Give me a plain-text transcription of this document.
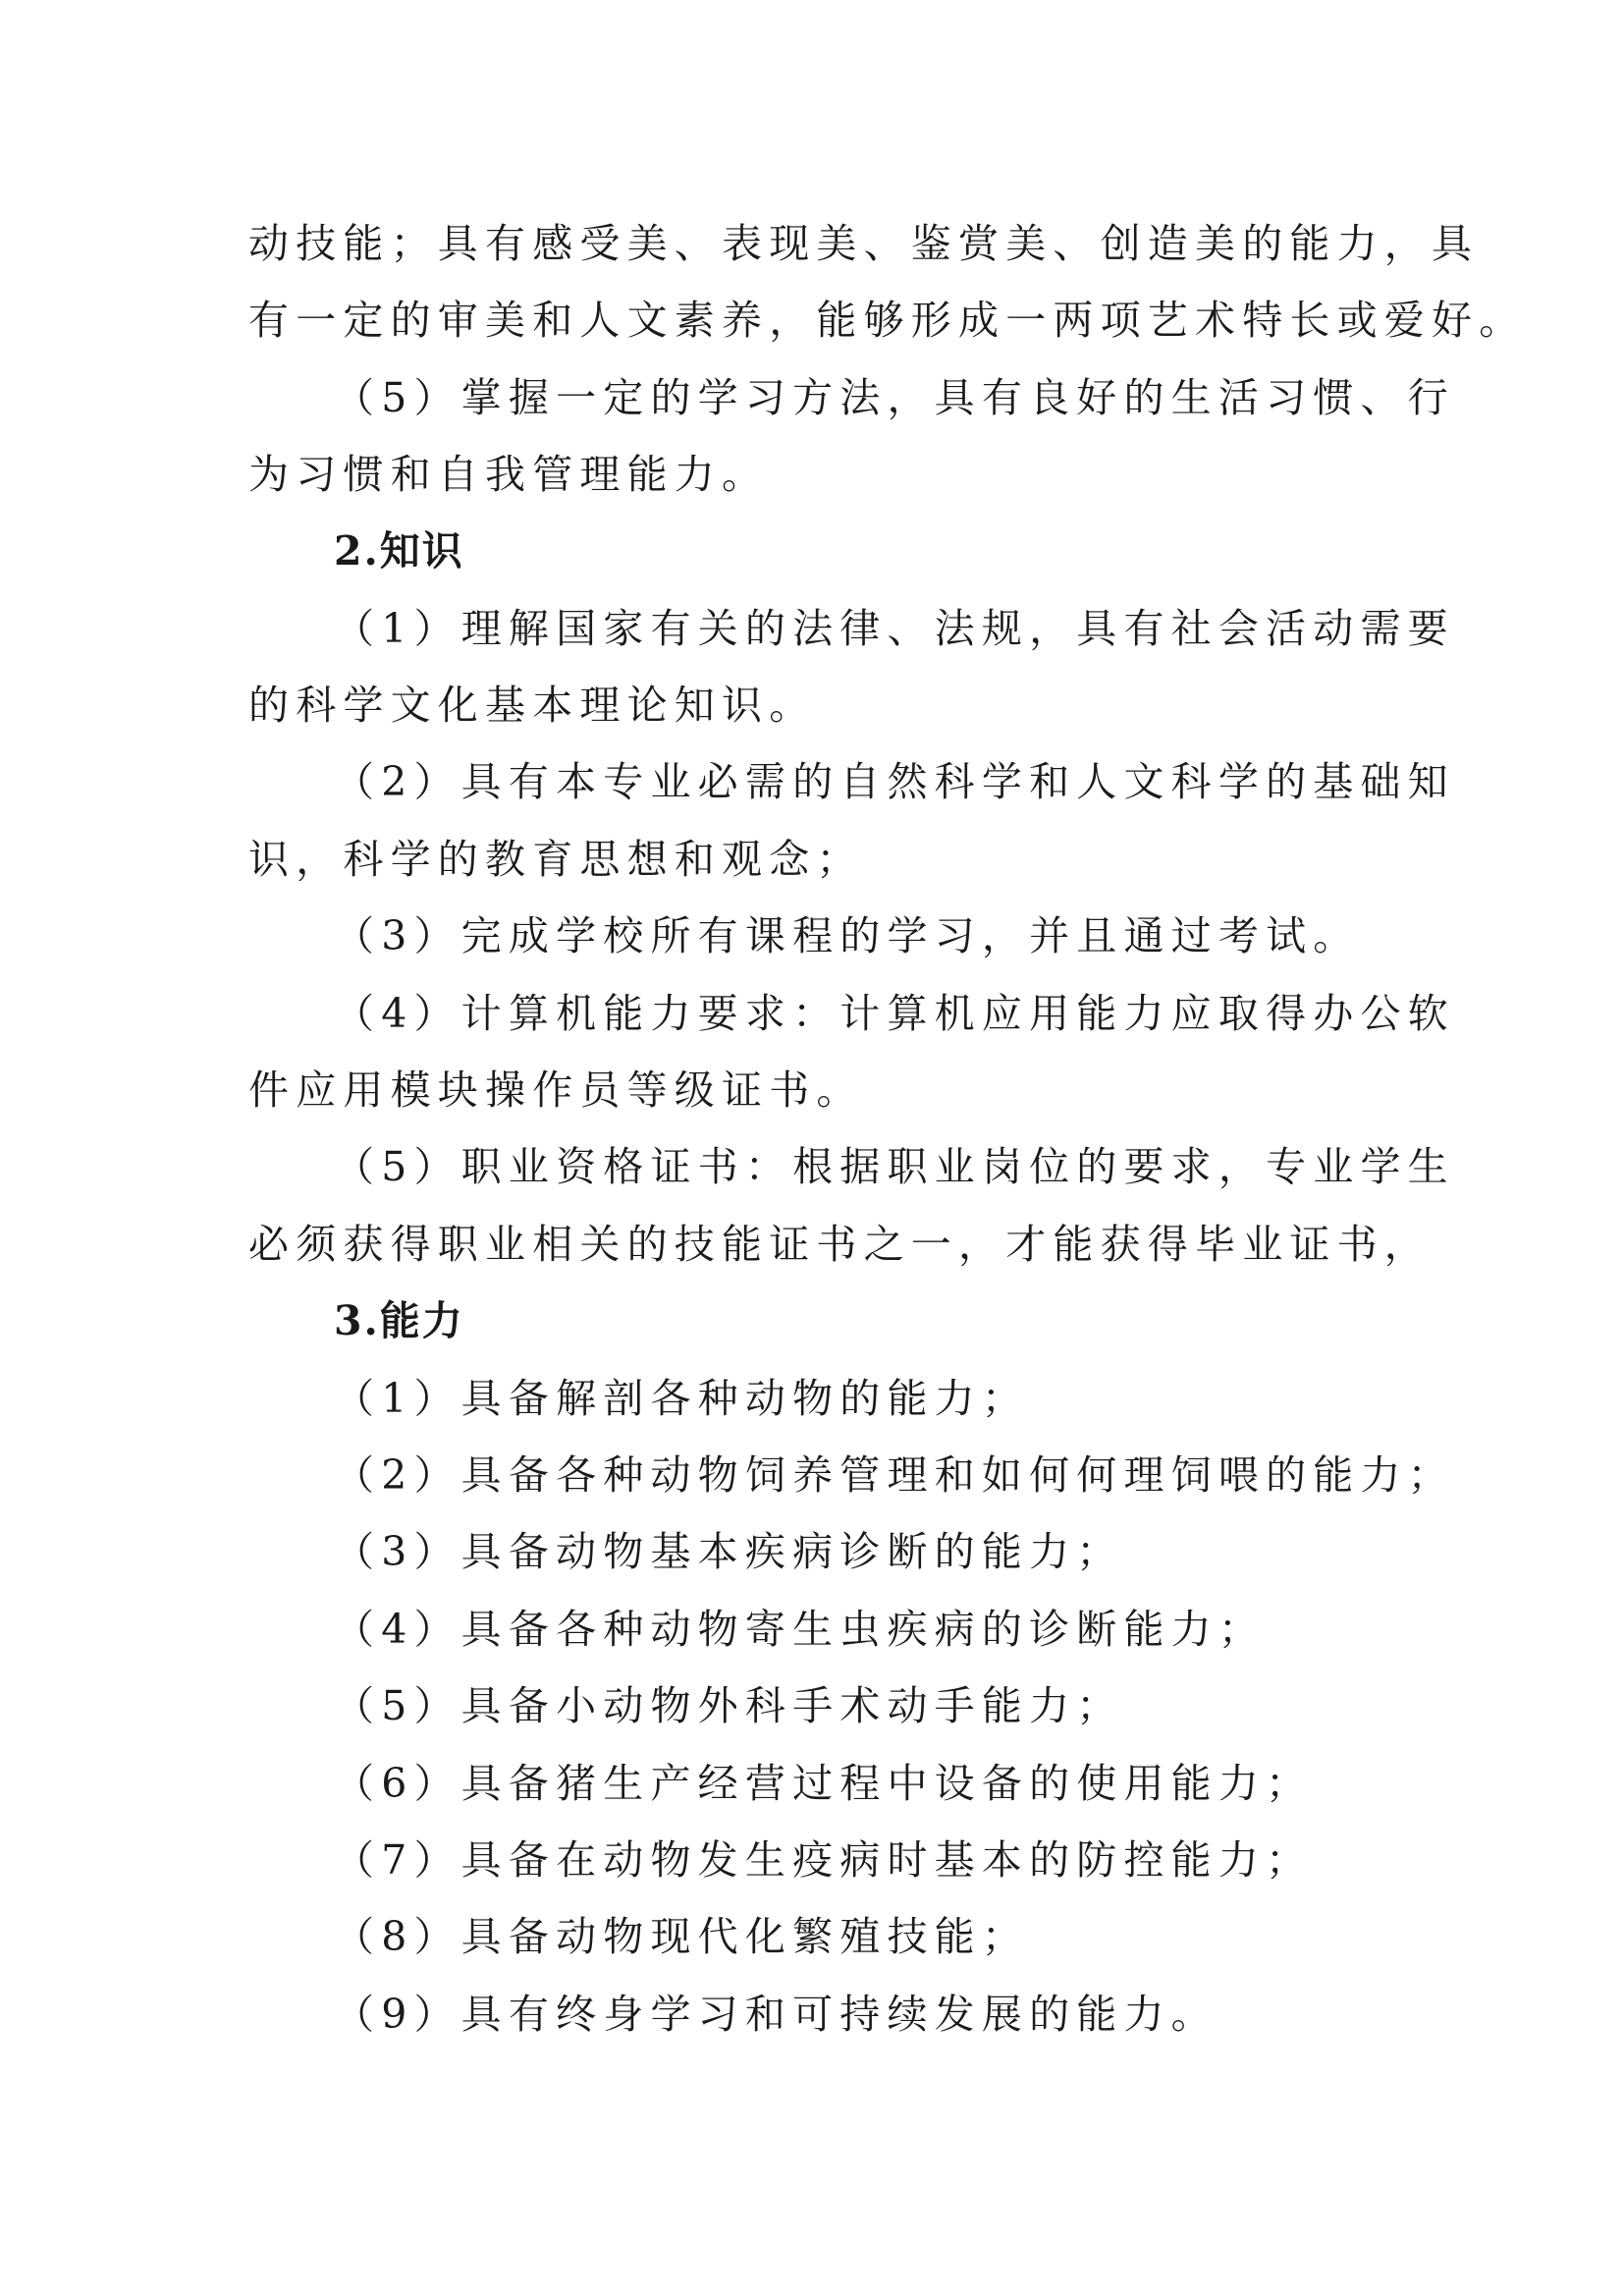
动技能；具有感受美、表现美、鉴赏美、创造美的能力，具
有一定的审美和人文素养，能够形成一两项艺术特长或爱好。
（5）掌握一定的学习方法，具有良好的生活习惯、行
为习惯和自我管理能力。
2.知识
（1）理解国家有关的法律、法规，具有社会活动需要
的科学文化基本理论知识。
（2）具有本专业必需的自然科学和人文科学的基础知
识，科学的教育思想和观念；
（3）完成学校所有课程的学习，并且通过考试。
（4）计算机能力要求：计算机应用能力应取得办公软
件应用模块操作员等级证书。
（5）职业资格证书：根据职业岗位的要求，专业学生
必须获得职业相关的技能证书之一，才能获得毕业证书，
3.能力
（1）具备解剖各种动物的能力；
（2）具备各种动物饲养管理和如何何理饲喂的能力；
（3）具备动物基本疾病诊断的能力；
（4）具备各种动物寄生虫疾病的诊断能力；
（5）具备小动物外科手术动手能力；
（6）具备猪生产经营过程中设备的使用能力；
（7）具备在动物发生疫病时基本的防控能力；
（8）具备动物现代化繁殖技能；
（9）具有终身学习和可持续发展的能力。
